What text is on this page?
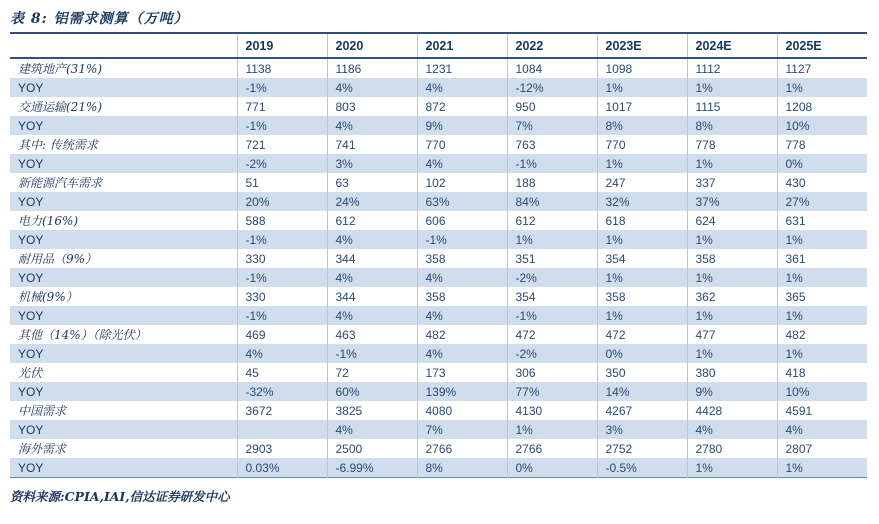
表 8: 铝需求测算（万吨）
	2019	2020	2021	2022	2023E	2024E	2025E
建筑地产(31%)	1138	1186	1231	1084	1098	1112	1127
YOY	-1%	4%	4%	-12%	1%	1%	1%
交通运输(21%)	771	803	872	950	1017	1115	1208
YOY	-1%	4%	9%	7%	8%	8%	10%
其中: 传统需求	721	741	770	763	770	778	778
YOY	-2%	3%	4%	-1%	1%	1%	0%
新能源汽车需求	51	63	102	188	247	337	430
YOY	20%	24%	63%	84%	32%	37%	27%
电力(16%)	588	612	606	612	618	624	631
YOY	-1%	4%	-1%	1%	1%	1%	1%
耐用品（9%）	330	344	358	351	354	358	361
YOY	-1%	4%	4%	-2%	1%	1%	1%
机械(9%）	330	344	358	354	358	362	365
YOY	-1%	4%	4%	-1%	1%	1%	1%
其他（14%）（除光伏）	469	463	482	472	472	477	482
YOY	4%	-1%	4%	-2%	0%	1%	1%
光伏	45	72	173	306	350	380	418
YOY	-32%	60%	139%	77%	14%	9%	10%
中国需求	3672	3825	4080	4130	4267	4428	4591
YOY		4%	7%	1%	3%	4%	4%
海外需求	2903	2500	2766	2766	2752	2780	2807
YOY	0.03%	-6.99%	8%	0%	-0.5%	1%	1%
资料来源:CPIA,IAI,信达证券研发中心
